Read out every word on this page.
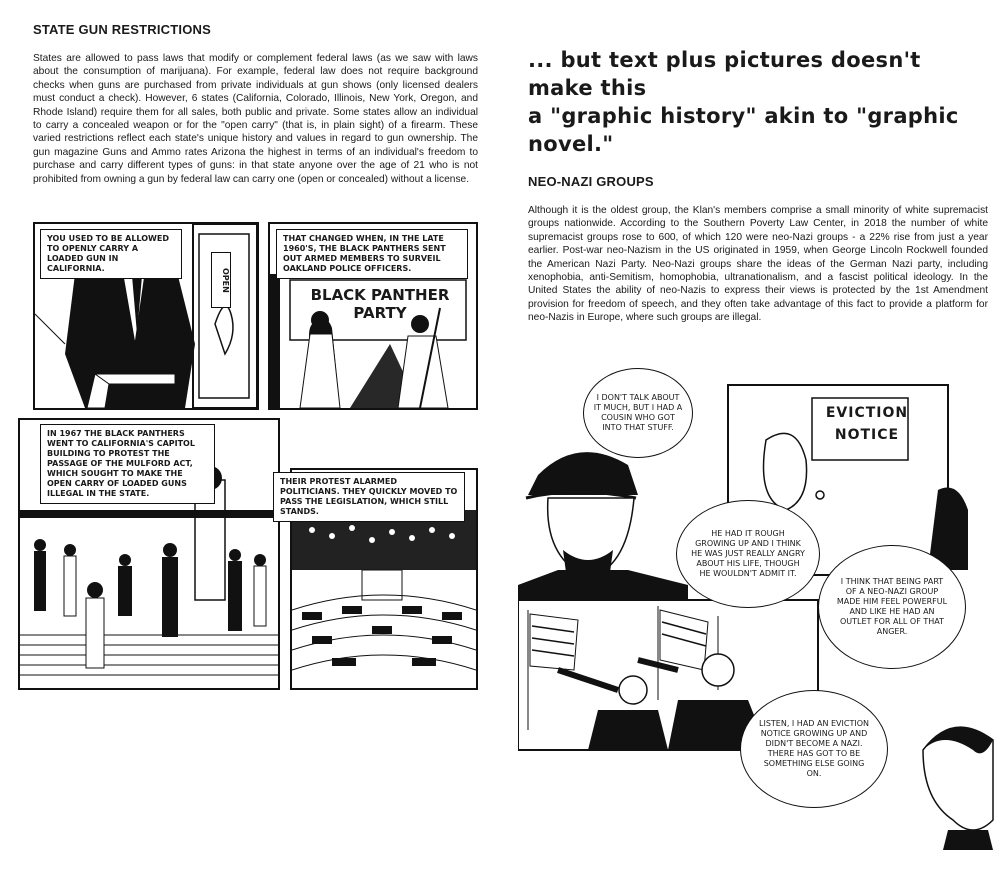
STATE GUN RESTRICTIONS
States are allowed to pass laws that modify or complement federal laws (as we saw with laws about the consumption of marijuana). For example, federal law does not require background checks when guns are purchased from private individuals at gun shows (only licensed dealers must conduct a check). However, 6 states (California, Colorado, Illinois, New York, Oregon, and Rhode Island) require them for all sales, both public and private. Some states allow an individual to carry a concealed weapon or for the "open carry" (that is, in plain sight) of a firearm. These varied restrictions reflect each state's unique history and values in regard to gun ownership. The gun magazine Guns and Ammo rates Arizona the highest in terms of an individual's freedom to purchase and carry different types of guns: in that state anyone over the age of 21 who is not prohibited from owning a gun by federal law can carry one (open or concealed) without a license.
OPEN
YOU USED TO BE ALLOWED TO OPENLY CARRY A LOADED GUN IN CALIFORNIA.
BLACK PANTHER
PARTY
THAT CHANGED WHEN, IN THE LATE 1960'S, THE BLACK PANTHERS SENT OUT ARMED MEMBERS TO SURVEIL OAKLAND POLICE OFFICERS.
IN 1967 THE BLACK PANTHERS WENT TO CALIFORNIA'S CAPITOL BUILDING TO PROTEST THE PASSAGE OF THE MULFORD ACT, WHICH SOUGHT TO MAKE THE OPEN CARRY OF LOADED GUNS ILLEGAL IN THE STATE.
THEIR PROTEST ALARMED POLITICIANS. THEY QUICKLY MOVED TO PASS THE LEGISLATION, WHICH STILL STANDS.
... but text plus pictures doesn't make this
a "graphic history" akin to "graphic novel."
NEO-NAZI GROUPS
Although it is the oldest group, the Klan's members comprise a small minority of white supremacist groups nationwide. According to the Southern Poverty Law Center, in 2018 the number of white supremacist groups rose to 600, of which 120 were neo-Nazi groups - a 22% rise from just a year earlier. Post-war neo-Nazism in the US originated in 1959, when George Lincoln Rockwell founded the American Nazi Party. Neo-Nazi groups share the ideas of the German Nazi party, including xenophobia, anti-Semitism, homophobia, ultranationalism, and a fascist political ideology. In the United States the ability of neo-Nazis to express their views is protected by the 1st Amendment provision for freedom of speech, and they often take advantage of this fact to provide a platform for neo-Nazis in Europe, where such groups are illegal.
EVICTION
NOTICE
I DON'T TALK ABOUT IT MUCH, BUT I HAD A COUSIN WHO GOT INTO THAT STUFF.
HE HAD IT ROUGH GROWING UP AND I THINK HE WAS JUST REALLY ANGRY ABOUT HIS LIFE, THOUGH HE WOULDN'T ADMIT IT.
I THINK THAT BEING PART OF A NEO-NAZI GROUP MADE HIM FEEL POWERFUL AND LIKE HE HAD AN OUTLET FOR ALL OF THAT ANGER.
LISTEN, I HAD AN EVICTION NOTICE GROWING UP AND DIDN'T BECOME A NAZI. THERE HAS GOT TO BE SOMETHING ELSE GOING ON.
